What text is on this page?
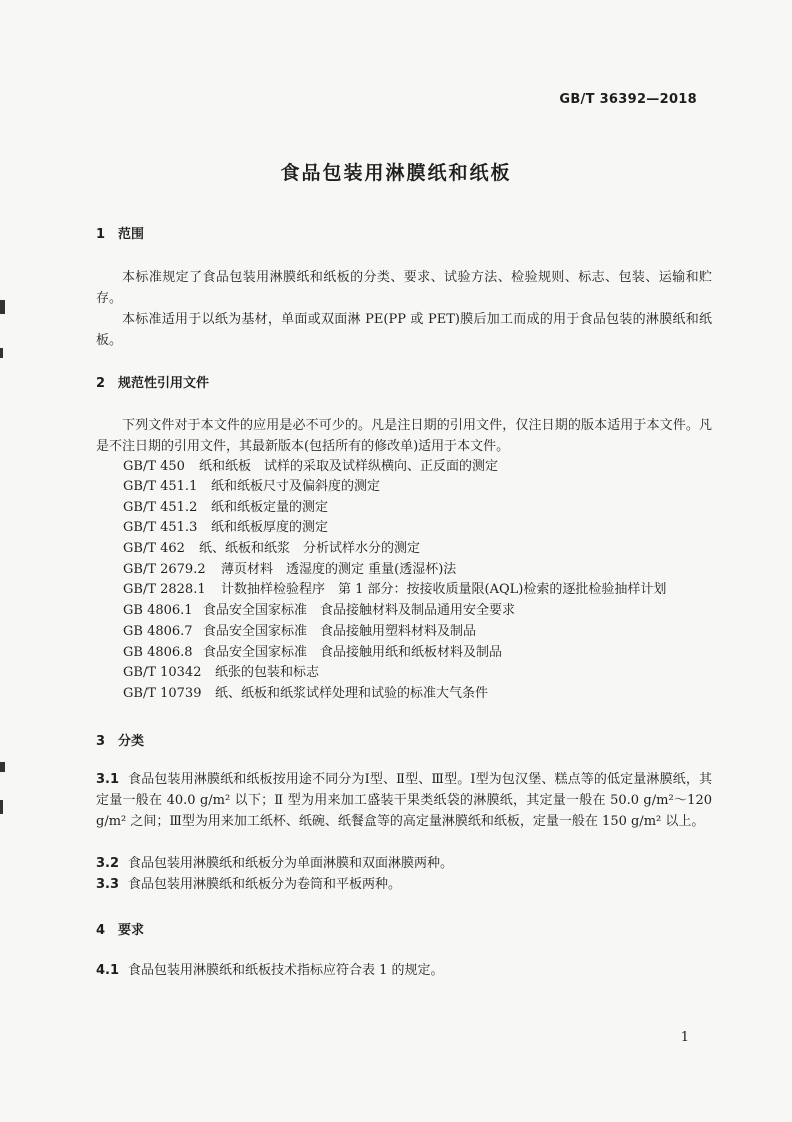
GB/T 36392—2018
食品包装用淋膜纸和纸板
1 范围
本标准规定了食品包装用淋膜纸和纸板的分类、要求、试验方法、检验规则、标志、包装、运输和贮存。
本标准适用于以纸为基材，单面或双面淋 PE(PP 或 PET)膜后加工而成的用于食品包装的淋膜纸和纸板。
2 规范性引用文件
下列文件对于本文件的应用是必不可少的。凡是注日期的引用文件，仅注日期的版本适用于本文件。凡是不注日期的引用文件，其最新版本(包括所有的修改单)适用于本文件。
GB/T 450 纸和纸板　试样的采取及试样纵横向、正反面的测定
GB/T 451.1 纸和纸板尺寸及偏斜度的测定
GB/T 451.2 纸和纸板定量的测定
GB/T 451.3 纸和纸板厚度的测定
GB/T 462 纸、纸板和纸浆　分析试样水分的测定
GB/T 2679.2 薄页材料　透湿度的测定 重量(透湿杯)法
GB/T 2828.1 计数抽样检验程序　第 1 部分：按接收质量限(AQL)检索的逐批检验抽样计划
GB 4806.1 食品安全国家标准　食品接触材料及制品通用安全要求
GB 4806.7 食品安全国家标准　食品接触用塑料材料及制品
GB 4806.8 食品安全国家标准　食品接触用纸和纸板材料及制品
GB/T 10342 纸张的包装和标志
GB/T 10739 纸、纸板和纸浆试样处理和试验的标准大气条件
3 分类
3.1 食品包装用淋膜纸和纸板按用途不同分为Ⅰ型、Ⅱ型、Ⅲ型。Ⅰ型为包汉堡、糕点等的低定量淋膜纸，其定量一般在 40.0 g/m² 以下；Ⅱ 型为用来加工盛装干果类纸袋的淋膜纸，其定量一般在 50.0 g/m²～120 g/m² 之间；Ⅲ型为用来加工纸杯、纸碗、纸餐盒等的高定量淋膜纸和纸板，定量一般在 150 g/m² 以上。
3.2 食品包装用淋膜纸和纸板分为单面淋膜和双面淋膜两种。
3.3 食品包装用淋膜纸和纸板分为卷筒和平板两种。
4 要求
4.1 食品包装用淋膜纸和纸板技术指标应符合表 1 的规定。
1
